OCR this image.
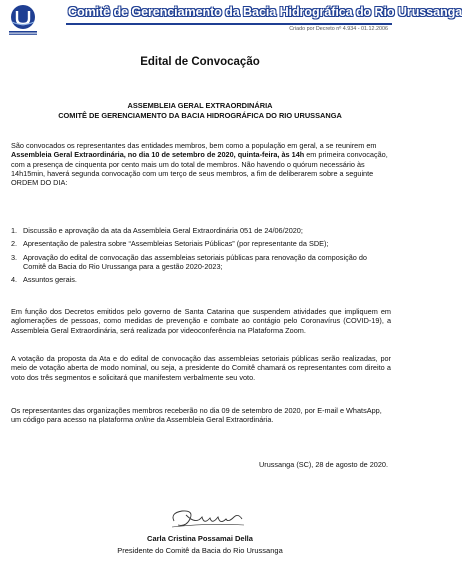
Comitê de Gerenciamento da Bacia Hidrográfica do Rio Urussanga
Criado por Decreto nº 4.934 - 01.12.2006
Edital de Convocação
ASSEMBLEIA GERAL EXTRAORDINÁRIA
COMITÊ DE GERENCIAMENTO DA BACIA HIDROGRÁFICA DO RIO URUSSANGA

São convocados os representantes das entidades membros, bem como a população em geral, a se reunirem em Assembleia Geral Extraordinária, no dia 10 de setembro de 2020, quinta-feira, às 14h em primeira convocação, com a presença de cinquenta por cento mais um do total de membros. Não havendo o quórum necessário às 14h15min, haverá segunda convocação com um terço de seus membros, a fim de deliberarem sobre a seguinte ORDEM DO DIA:

1. Discussão e aprovação da ata da Assembleia Geral Extraordinária 051 de 24/06/2020;
2. Apresentação de palestra sobre “Assembleias Setoriais Públicas” (por representante da SDE);
3. Aprovação do edital de convocação das assembleias setoriais públicas para renovação da composição do Comitê da Bacia do Rio Urussanga para a gestão 2020-2023;
4. Assuntos gerais.

Em função dos Decretos emitidos pelo governo de Santa Catarina que suspendem atividades que impliquem em aglomerações de pessoas, como medidas de prevenção e combate ao contágio pelo Coronavírus (COVID-19), a Assembleia Geral Extraordinária, será realizada por videoconferência na Plataforma Zoom.

A votação da proposta da Ata e do edital de convocação das assembleias setoriais públicas serão realizadas, por meio de votação aberta de modo nominal, ou seja, a presidente do Comitê chamará os representantes com direito a voto dos três segmentos e solicitará que manifestem verbalmente seu voto.

Os representantes das organizações membros receberão no dia 09 de setembro de 2020, por E-mail e WhatsApp, um código para acesso na plataforma online da Assembleia Geral Extraordinária.

Urussanga (SC), 28 de agosto de 2020.
Carla Cristina Possamai Della
Presidente do Comitê da Bacia do Rio Urussanga
